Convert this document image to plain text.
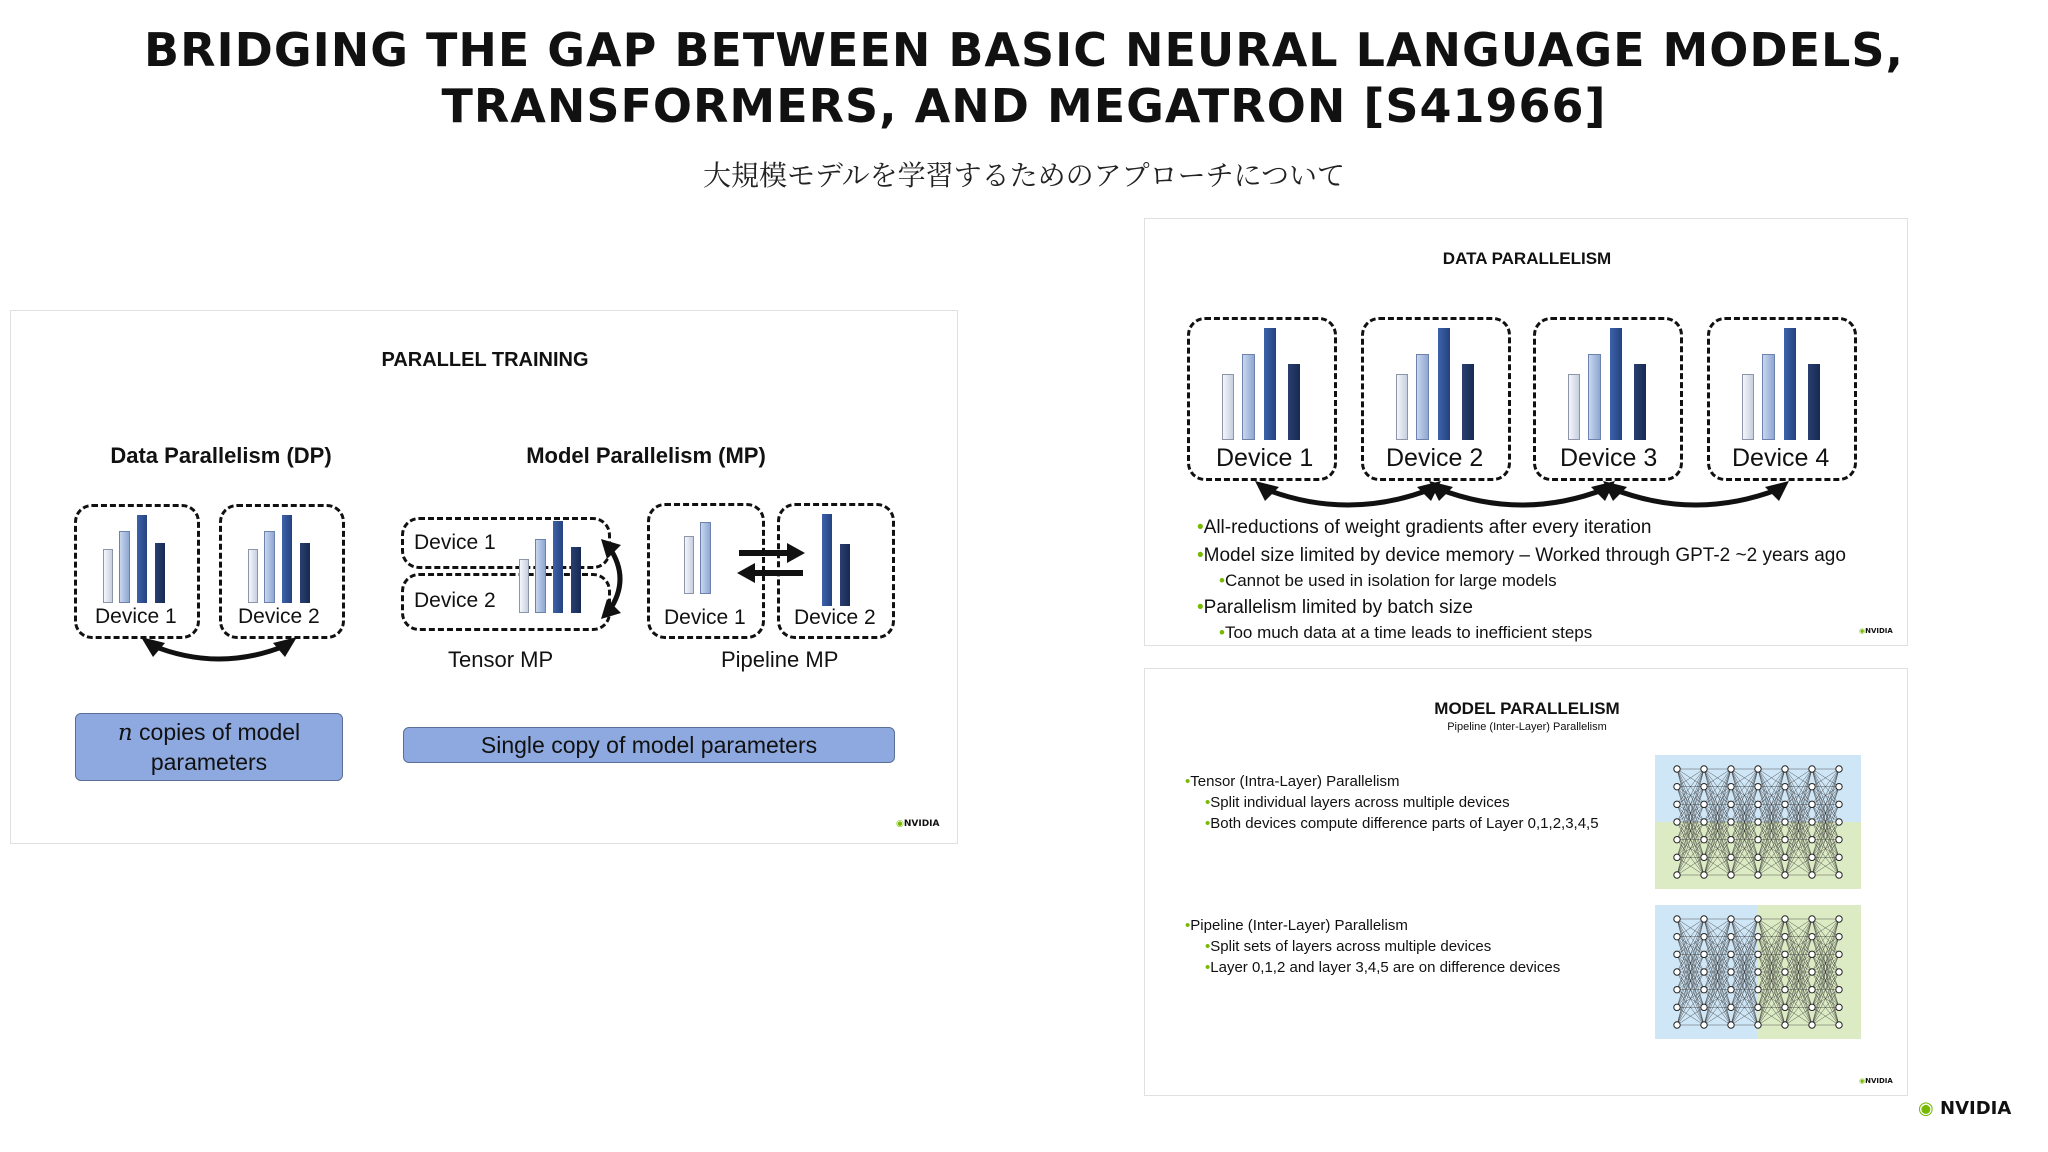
BRIDGING THE GAP BETWEEN BASIC NEURAL LANGUAGE MODELS,
TRANSFORMERS, AND MEGATRON [S41966]
大規模モデルを学習するためのアプローチについて
PARALLEL TRAINING
Data Parallelism (DP)	Model Parallelism (MP)
Device 1	Device 2
Device 1
Device 2
Tensor MP
Device 1 Device 2
Pipeline MP
n copies of model
parameters
Single copy of model parameters
◉NVIDIA
DATA PARALLELISM
Device 1	Device 2	Device 3	Device 4
•All-reductions of weight gradients after every iteration
•Model size limited by device memory – Worked through GPT-2 ~2 years ago
•Cannot be used in isolation for large models
•Parallelism limited by batch size
•Too much data at a time leads to inefficient steps	◉NVIDIA
MODEL PARALLELISM
Pipeline (Inter-Layer) Parallelism
•Tensor (Intra-Layer) Parallelism
•Split individual layers across multiple devices
•Both devices compute difference parts of Layer 0,1,2,3,4,5
•Pipeline (Inter-Layer) Parallelism
•Split sets of layers across multiple devices
•Layer 0,1,2 and layer 3,4,5 are on difference devices
◉NVIDIA
◉ NVIDIA
